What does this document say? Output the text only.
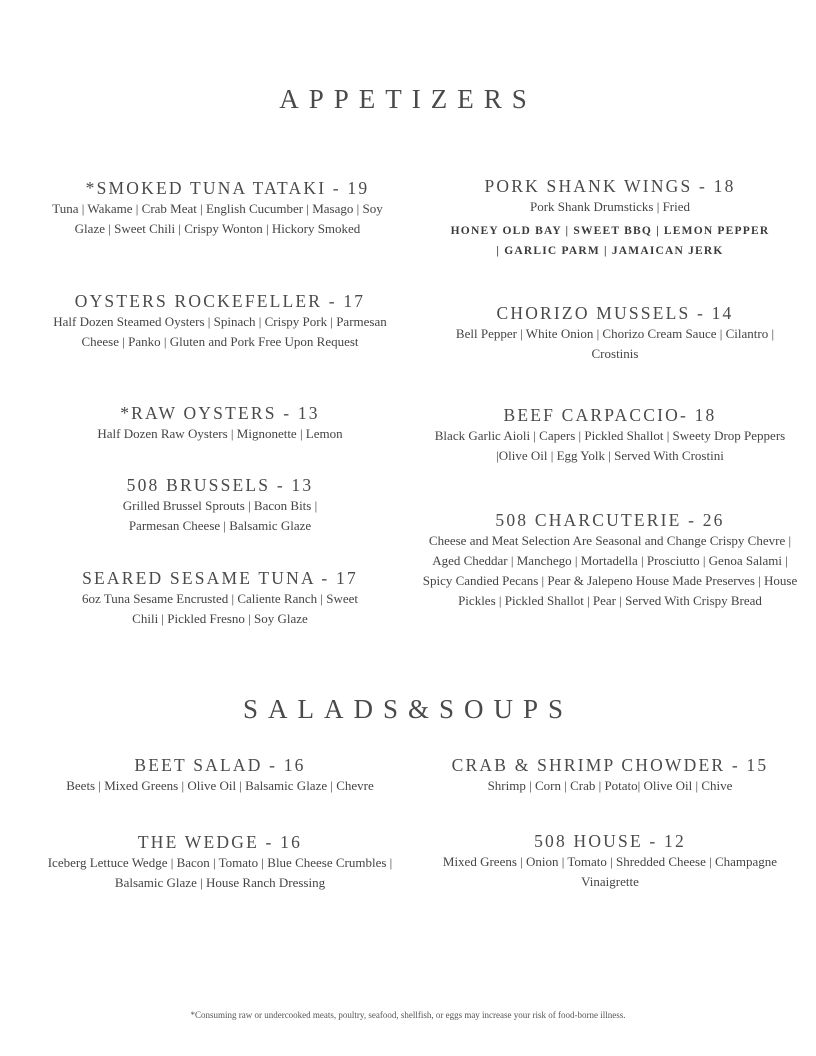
APPETIZERS
*SMOKED TUNA TATAKI - 19

Tuna | Wakame | Crab Meat | English Cucumber | Masago | Soy Glaze | Sweet Chili | Crispy Wonton | Hickory Smoked

PORK SHANK WINGS - 18

Pork Shank Drumsticks | Fried

HONEY OLD BAY | SWEET BBQ | LEMON PEPPER | GARLIC PARM | JAMAICAN JERK

OYSTERS ROCKEFELLER - 17

Half Dozen Steamed Oysters | Spinach | Crispy Pork | Parmesan Cheese | Panko | Gluten and Pork Free Upon Request

CHORIZO MUSSELS - 14

Bell Pepper | White Onion | Chorizo Cream Sauce | Cilantro | Crostinis

*RAW OYSTERS - 13

Half Dozen Raw Oysters | Mignonette | Lemon

BEEF CARPACCIO- 18

Black Garlic Aioli | Capers | Pickled Shallot | Sweety Drop Peppers |Olive Oil | Egg Yolk | Served With Crostini

508 BRUSSELS - 13

Grilled Brussel Sprouts | Bacon Bits | Parmesan Cheese | Balsamic Glaze	508 CHARCUTERIE - 26

Cheese and Meat Selection Are Seasonal and Change Crispy Chevre | Aged Cheddar | Manchego | Mortadella | Prosciutto | Genoa Salami | Spicy Candied Pecans | Pear & Jalepeno House Made Preserves | House Pickles | Pickled Shallot | Pear | Served With Crispy Bread

SEARED SESAME TUNA - 17

6oz Tuna Sesame Encrusted | Caliente Ranch | Sweet Chili | Pickled Fresno | Soy Glaze

SALADS&SOUPS
BEET SALAD - 16

Beets | Mixed Greens | Olive Oil | Balsamic Glaze | Chevre

CRAB & SHRIMP CHOWDER - 15

Shrimp | Corn | Crab | Potato| Olive Oil | Chive

THE WEDGE - 16

Iceberg Lettuce Wedge | Bacon | Tomato | Blue Cheese Crumbles | Balsamic Glaze | House Ranch Dressing

508 HOUSE - 12

Mixed Greens | Onion | Tomato | Shredded Cheese | Champagne Vinaigrette

*Consuming raw or undercooked meats, poultry, seafood, shellfish, or eggs may increase your risk of food-borne illness.
